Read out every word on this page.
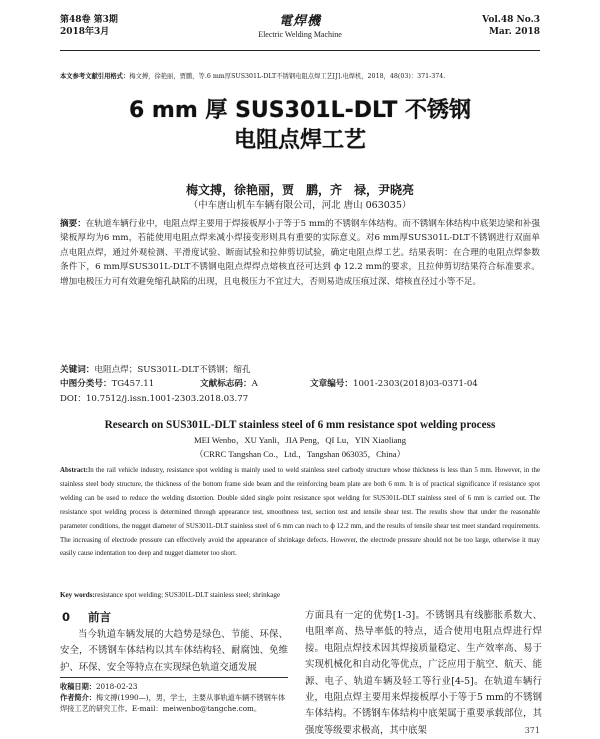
第48卷 第3期
2018年3月
電焊機
Electric Welding Machine
Vol.48 No.3
Mar. 2018
本文参考文献引用格式：梅文搏，徐艳丽，贾鹏，等.6 mm厚SUS301L-DLT不锈钢电阻点焊工艺[J].电焊机，2018，48(03)：371-374.
6 mm 厚 SUS301L-DLT 不锈钢
电阻点焊工艺
梅文搏，徐艳丽，贾　鹏，齐　禄，尹晓亮
（中车唐山机车车辆有限公司，河北 唐山 063035）
摘要：在轨道车辆行业中，电阻点焊主要用于焊接板厚小于等于5 mm的不锈钢车体结构。而不锈钢车体结构中底架边梁和补强梁板厚均为6 mm，若能使用电阻点焊来减小焊接变形则具有重要的实际意义。对6 mm厚SUS301L-DLT不锈钢进行双面单点电阻点焊，通过外观检测、平滑度试验、断面试验和拉伸剪切试验，确定电阻点焊工艺。结果表明：在合理的电阻点焊参数条件下，6 mm厚SUS301L-DLT不锈钢电阻点焊焊点熔核直径可达到 ф 12.2 mm的要求，且拉伸剪切结果符合标准要求。增加电极压力可有效避免缩孔缺陷的出现，且电极压力不宜过大，否则易造成压痕过深、熔核直径过小等不足。
关键词：电阻点焊；SUS301L-DLT不锈钢；缩孔
中图分类号：TG457.11	文献标志码：A	文章编号：1001-2303(2018)03-0371-04
DOI：10.7512/j.issn.1001-2303.2018.03.77
Research on SUS301L-DLT stainless steel of 6 mm resistance spot welding process
MEI Wenbo，XU Yanli，JIA Peng，QI Lu，YIN Xiaoliang
（CRRC Tangshan Co.，Ltd.，Tangshan 063035，China）
Abstract:In the rail vehicle industry, resistance spot welding is mainly used to weld stainless steel carbody structure whose thickness is less than 5 mm. However, in the stainless steel body structure, the thickness of the bottom frame side beam and the reinforcing beam plate are both 6 mm. It is of practical significance if resistance spot welding can be used to reduce the welding distortion. Double sided single point resistance spot welding for SUS301L-DLT stainless steel of 6 mm is carried out. The resistance spot welding process is determined through appearance test, smoothness test, section test and tensile shear test. The results show that under the reasonable parameter conditions, the nugget diameter of SUS301L-DLT stainless steel of 6 mm can reach to ф 12.2 mm, and the results of tensile shear test meet standard requirements. The increasing of electrode pressure can effectively avoid the appearance of shrinkage defects. However, the electrode pressure should not be too large, otherwise it may easily cause indentation too deep and nugget diameter too short.
Key words:resistance spot welding; SUS301L-DLT stainless steel; shrinkage
0 前言
当今轨道车辆发展的大趋势是绿色、节能、环保、安全，不锈钢车体结构以其车体结构轻、耐腐蚀、免维护、环保、安全等特点在实现绿色轨道交通发展
方面具有一定的优势[1-3]。不锈钢具有线膨胀系数大、电阻率高、热导率低的特点，适合使用电阻点焊进行焊接。电阻点焊技术因其焊接质量稳定、生产效率高、易于实现机械化和自动化等优点，广泛应用于航空、航天、能源、电子、轨道车辆及轻工等行业[4-5]。在轨道车辆行业，电阻点焊主要用来焊接板厚小于等于5 mm的不锈钢车体结构。不锈钢车体结构中底架属于重要承载部位，其强度等级要求极高，其中底架
收稿日期：2018-02-23
作者简介：梅文搏(1990—)，男，学士，主要从事轨道车辆不锈钢车体焊接工艺的研究工作。E-mail：meiwenbo@tangche.com。
371
